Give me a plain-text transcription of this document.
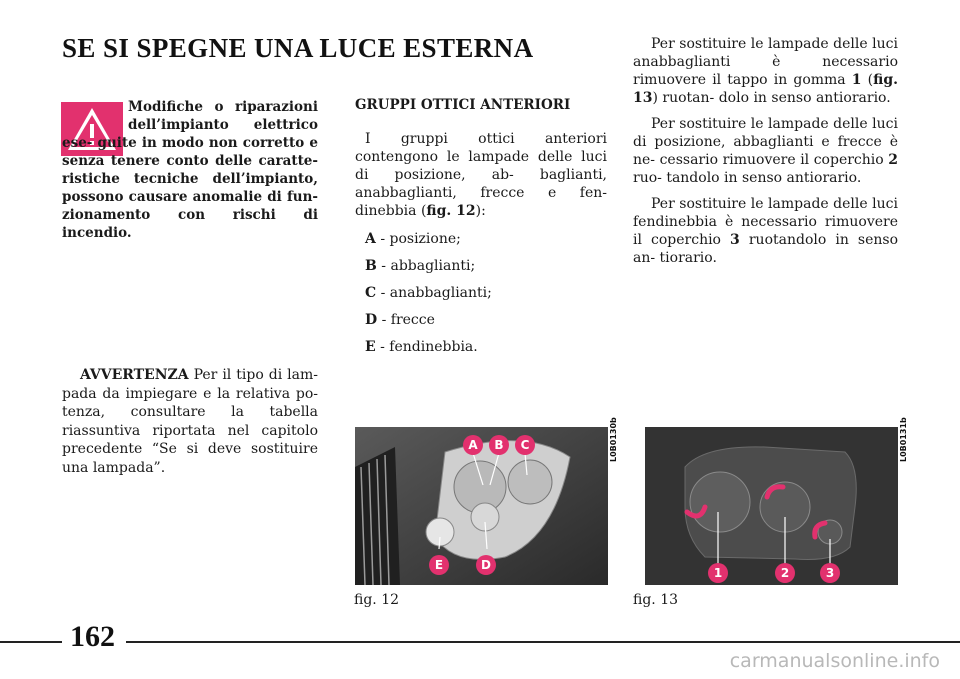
SE SI SPEGNE UNA LUCE ESTERNA
Modifiche o riparazioni dell’impianto elettrico ese- guite in modo non corretto e senza tenere conto delle caratte- ristiche tecniche dell’impianto, possono causare anomalie di fun- zionamento con rischi di incendio.
AVVERTENZA Per il tipo di lam- pada da impiegare e la relativa po- tenza, consultare la tabella riassuntiva riportata nel capitolo precedente “Se si deve sostituire una lampada”.

GRUPPI OTTICI ANTERIORI

I gruppi ottici anteriori contengono le lampade delle luci di posizione, ab- baglianti, anabbaglianti, frecce e fen- dinebbia (fig. 12):

A - posizione;

B - abbaglianti;

C - anabbaglianti;

D - frecce

E - fendinebbia.

Per sostituire le lampade delle luci anabbaglianti è necessario rimuovere il tappo in gomma 1 (fig. 13) ruotan- dolo in senso antiorario.

Per sostituire le lampade delle luci di posizione, abbaglianti e frecce è ne- cessario rimuovere il coperchio 2 ruo- tandolo in senso antiorario.

Per sostituire le lampade delle luci fendinebbia è necessario rimuovere il coperchio 3 ruotandolo in senso an- tiorario.

A	B	C
D
E
L0B0130b
fig. 12
1	2	3
L0B0131b
fig. 13
162
carmanualsonline.info
